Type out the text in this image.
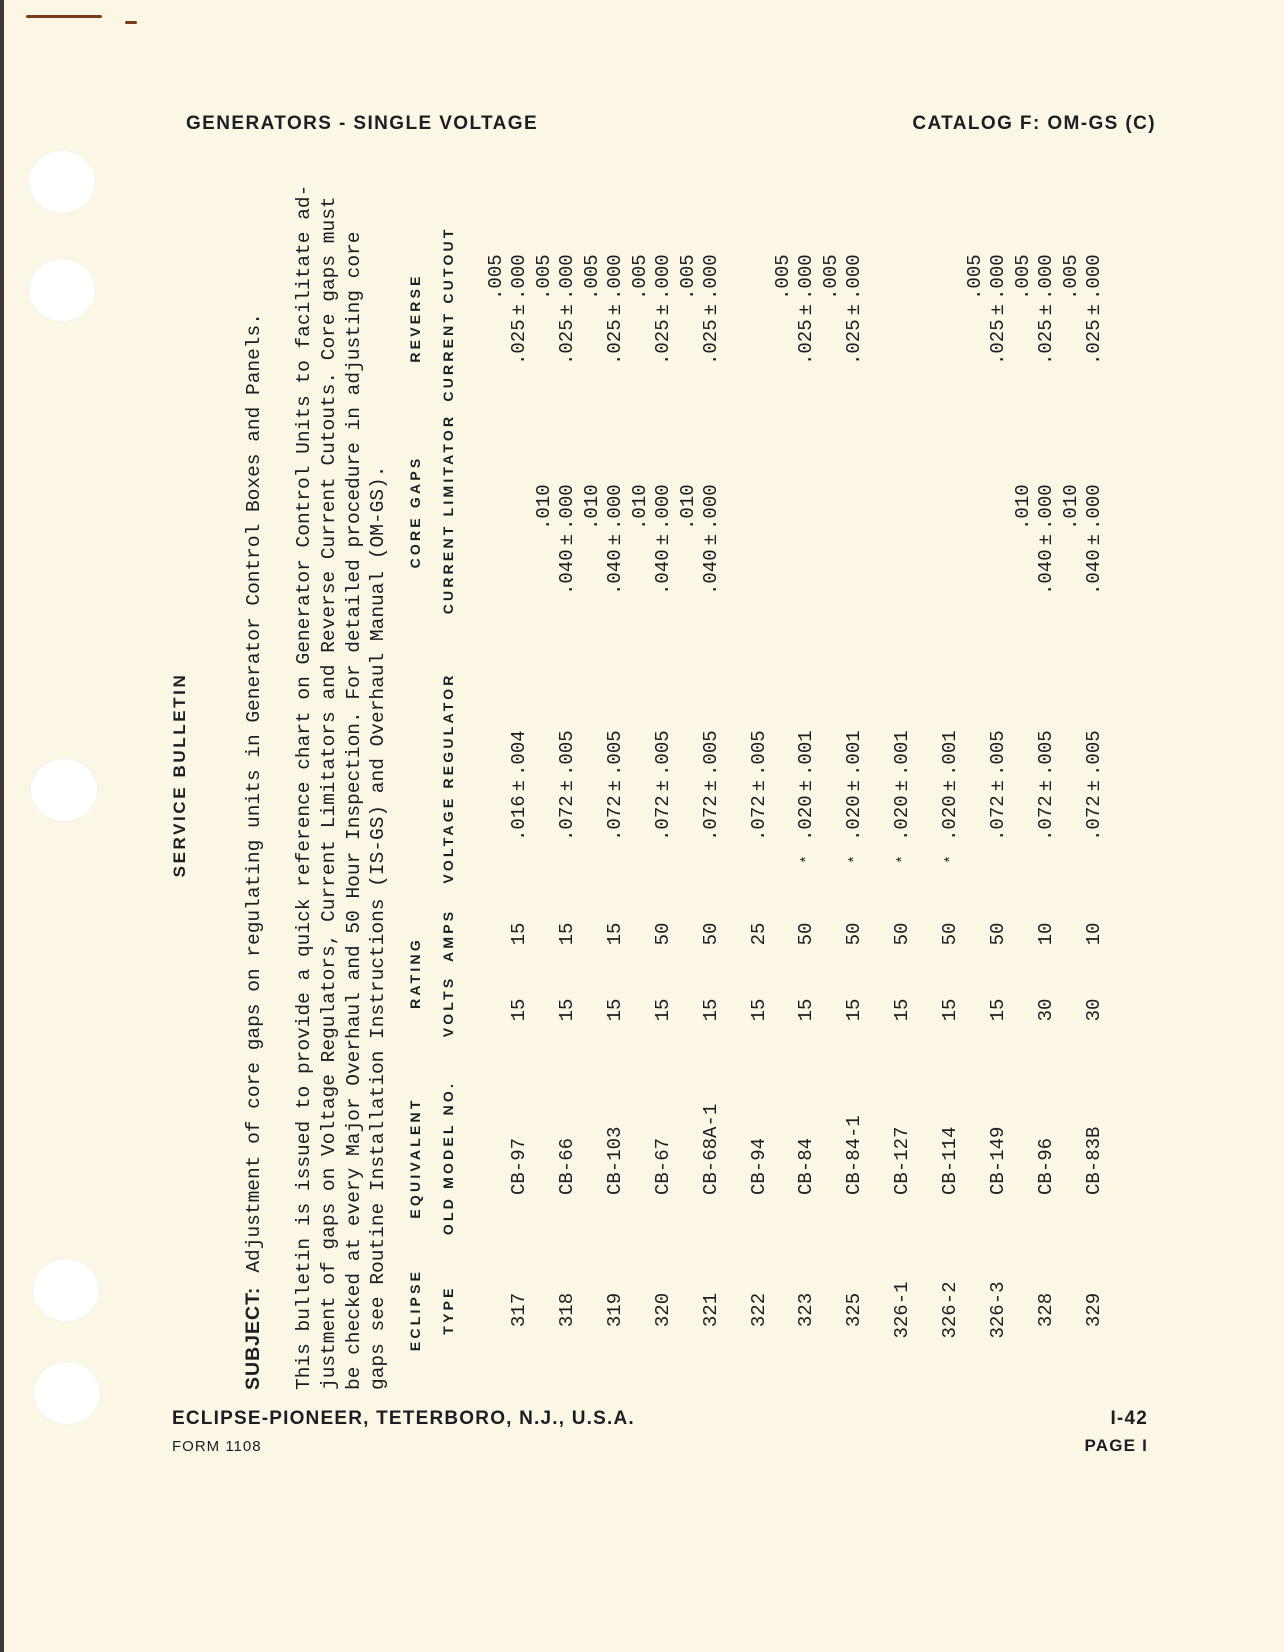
GENERATORS - SINGLE VOLTAGE	CATALOG F: OM-GS (C)
SERVICE BULLETIN
SUBJECT:Adjustment of core gaps on regulating units in Generator Control Boxes and Panels. This bulletin is issued to provide a quick reference chart on Generator Control Units to facilitate ad- justment of gaps on Voltage Regulators, Current Limitators and Reverse Current Cutouts. Core gaps must be checked at every Major Overhaul and 50 Hour Inspection. For detailed procedure in adjusting core gaps see Routine Installation Instructions (IS-GS) and Overhaul Manual (OM-GS). ECLIPSE TYPE
EQUIVALENT OLD MODEL NO.
RATING VOLTS  AMPS
VOLTAGE REGULATOR
CORE GAPS CURRENT LIMITATOR
REVERSE CURRENT CUTOUT
317
CB-97
15
15
.016±.004
.025±.000
.005
318
CB-66
15
15
.072±.005
.040±.000
.010
.025±.000
.005
319
CB-103
15
15
.072±.005
.040±.000
.010
.025±.000
.005
320
CB-67
15
50
.072±.005
.040±.000
.010
.025±.000
.005
321
CB-68A-1
15
50
.072±.005
.040±.000
.010
.025±.000
.005
322
CB-94
15
25
.072±.005
323
CB-84
15
50
*.020±.001
.025±.000
.005
325
CB-84-1
15
50
*.020±.001
.025±.000
.005
326-1
CB-127
15
50
*.020±.001
326-2
CB-114
15
50
*.020±.001
326-3
CB-149
15
50
.072±.005
.025±.000
.005
328
CB-96
30
10
.072±.005
.040±.000
.010
.025±.000
.005
329
CB-83B
30
10
.072±.005
.040±.000
.010
.025±.000
.005
ECLIPSE-PIONEER, TETERBORO, N.J., U.S.A.
FORM 1108
I-42
PAGE I
